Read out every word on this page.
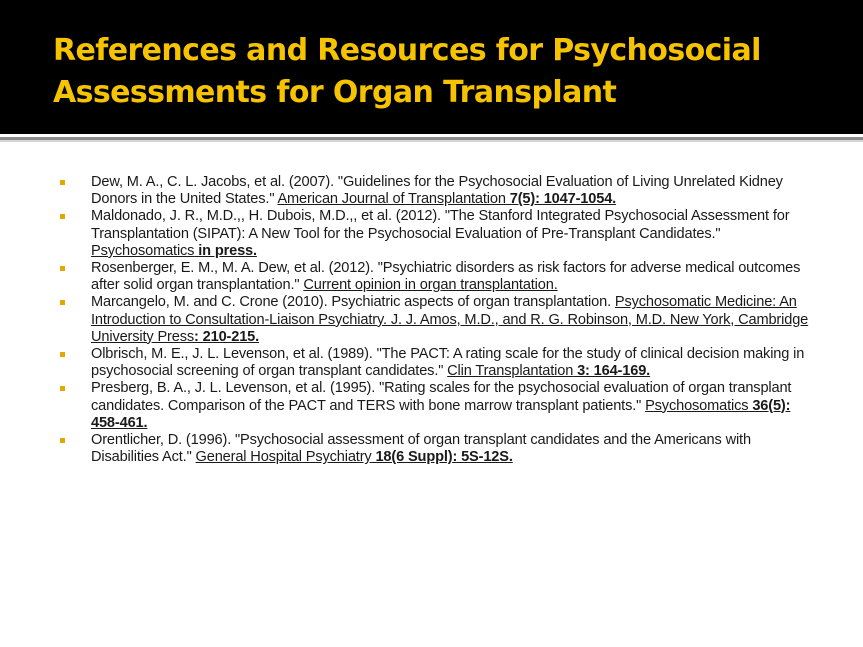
References and Resources for Psychosocial
Assessments for Organ Transplant
Dew, M. A., C. L. Jacobs, et al. (2007). "Guidelines for the Psychosocial Evaluation of Living Unrelated Kidney Donors in the United States." American Journal of Transplantation 7(5): 1047-1054.
Maldonado, J. R., M.D.,, H. Dubois, M.D.,, et al. (2012). "The Stanford Integrated Psychosocial Assessment for Transplantation (SIPAT): A New Tool for the Psychosocial Evaluation of Pre-Transplant Candidates." Psychosomatics in press.
Rosenberger, E. M., M. A. Dew, et al. (2012). "Psychiatric disorders as risk factors for adverse medical outcomes after solid organ transplantation." Current opinion in organ transplantation.
Marcangelo, M. and C. Crone (2010). Psychiatric aspects of organ transplantation. Psychosomatic Medicine: An Introduction to Consultation-Liaison Psychiatry. J. J. Amos, M.D., and R. G. Robinson, M.D. New York, Cambridge University Press: 210-215.
Olbrisch, M. E., J. L. Levenson, et al. (1989). "The PACT: A rating scale for the study of clinical decision making in psychosocial screening of organ transplant candidates." Clin Transplantation 3: 164-169.
Presberg, B. A., J. L. Levenson, et al. (1995). "Rating scales for the psychosocial evaluation of organ transplant candidates. Comparison of the PACT and TERS with bone marrow transplant patients." Psychosomatics 36(5): 458-461.
Orentlicher, D. (1996). "Psychosocial assessment of organ transplant candidates and the Americans with Disabilities Act." General Hospital Psychiatry 18(6 Suppl): 5S-12S.
